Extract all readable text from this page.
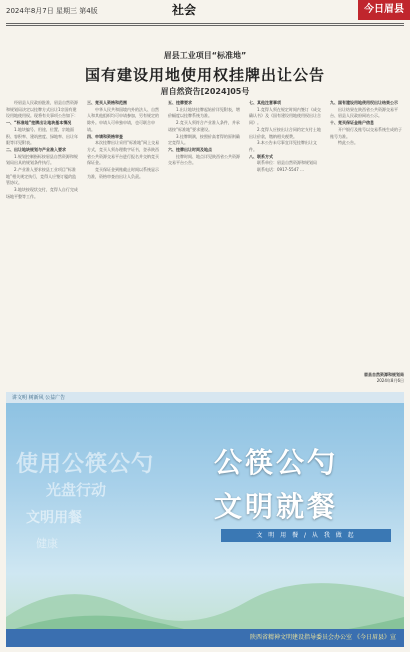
2024年8月7日 星期三 第4版	社会	今日眉县
眉县工业项目“标准地”
国有建设用地使用权挂牌出让公告
眉自然资告[2024]05号

经眉县人民政府批准，眉县自然资源和规划局决定以挂牌方式出让1宗国有建设用地使用权。现将有关事项公告如下：

一、“标准地”挂牌出让地块基本情况

1.地块编号、用途、位置、宗地面积、容积率、建筑密度、绿地率、出让年限等详见附表。

二、出让地块规划与产业准入要求

1.规划控制指标按眉县自然资源和规划局出具的规划条件执行。

2.产业准入要求按县工业项目“标准地”相关规定执行，竞得人应签订履约监管协议。

3.地块按现状交付，竞得人自行完成场地平整等工作。

三、竞买人资格和范围

中华人民共和国境内外的法人、自然人和其他组织均可申请参加，另有规定的除外。申请人可单独申请，也可联合申请。

四、申请和资格审查

本次挂牌出让采用“标准地”网上交易方式，竞买人须办理数字证书，登录陕西省公共资源交易平台进行报名并交纳竞买保证金。

竞买保证金到账截止时间以系统显示为准，资格审查由出让人负责。

五、挂牌要求

1.出让地块挂牌起始价详见附表，增价幅度以挂牌系统为准。

2.竞买人须符合产业准入条件，并承诺按“标准地”要求建设。

3.挂牌期满，按照价高者得的原则确定竞得人。

六、挂牌出让时间及地点

挂牌时间、地点详见陕西省公共资源交易平台公告。

七、其他注意事项

1.竞得人须在规定时间内签订《成交确认书》及《国有建设用地使用权出让合同》。

2.竞得人应按出让合同约定支付土地出让价款，缴纳相关税费。

3.本公告未尽事宜详见挂牌出让文件。

八、联系方式

联系单位：眉县自然资源和规划局

联系电话：0917-5547 ...

九、国有建设用地使用权出让结果公示

出让结果在陕西省公共资源交易平台、眉县人民政府网站公示。

十、竞买保证金账户信息

开户银行及账号以交易系统生成的子账号为准。

特此公告。

眉县自然资源和规划局
2024年8月6日
讲文明 树新风 公益广告
使用公筷公勺
光盘行动
文明用餐
健康
公筷公勺
文明就餐
文 明 用 餐 / 从 我 做 起
陕西省精神文明建设指导委员会办公室 《今日眉县》宣
